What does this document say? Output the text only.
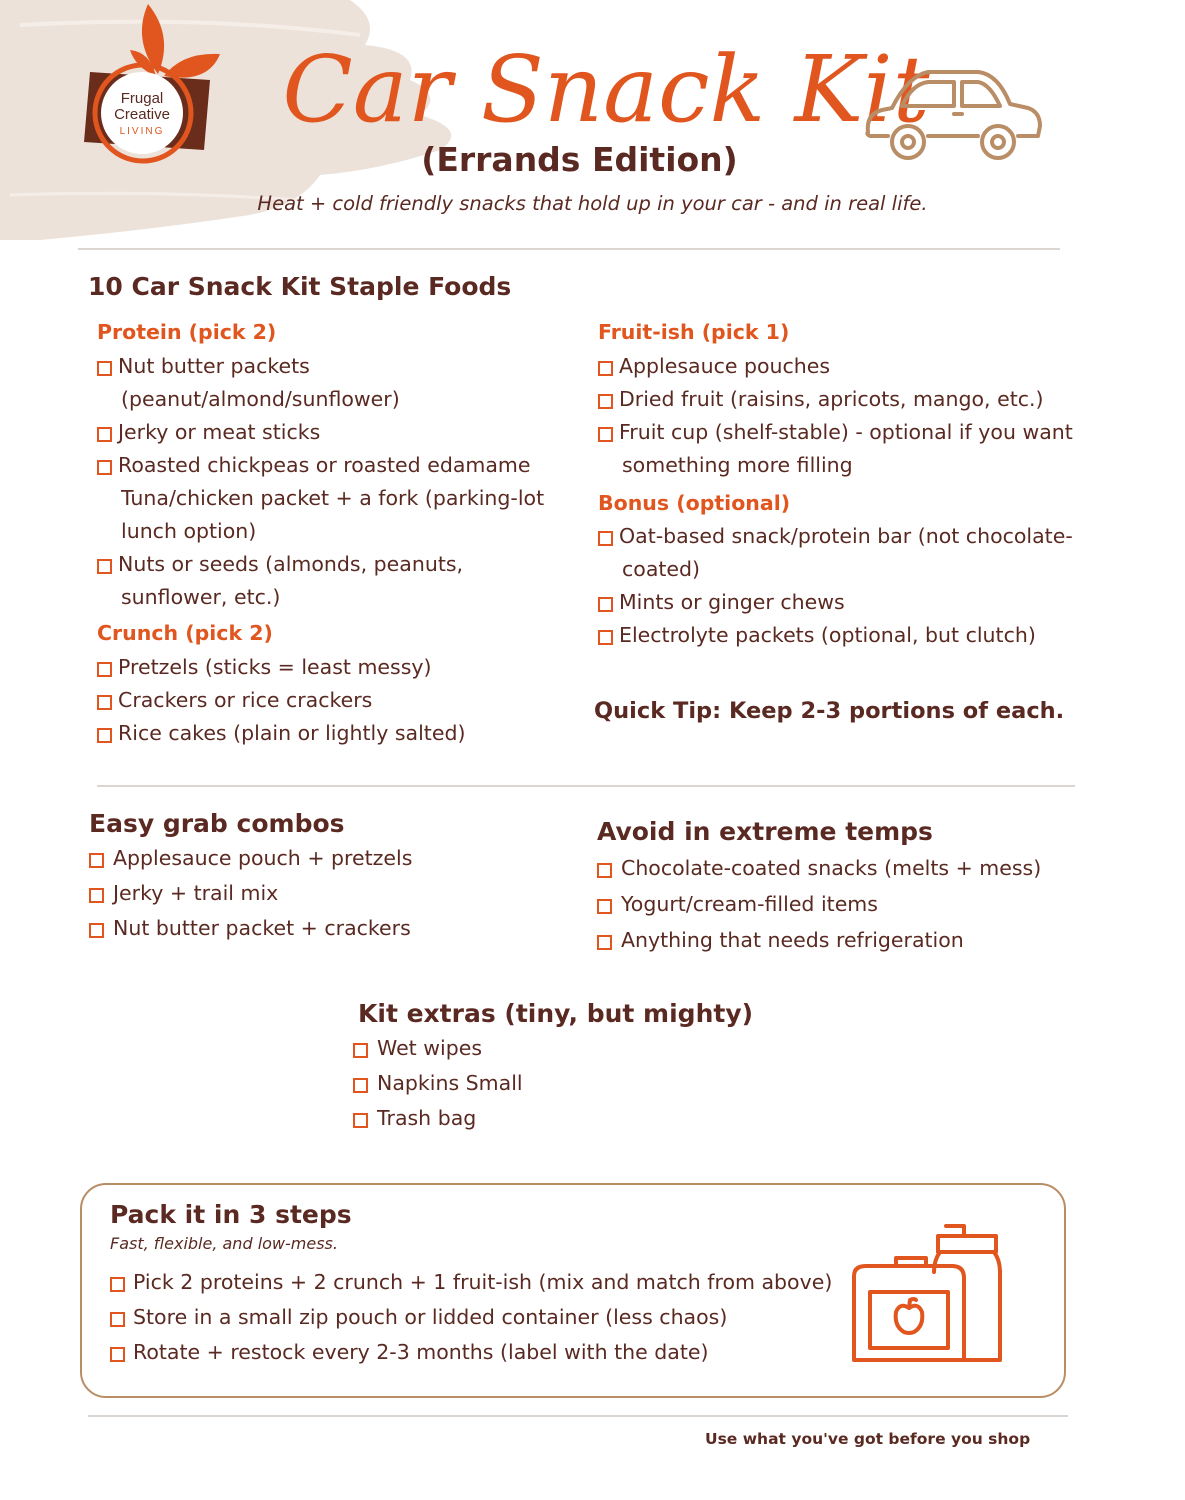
Frugal
Creative
LIVING Car Snack Kit
(Errands Edition)
Heat + cold friendly snacks that hold up in your car - and in real life.
10 Car Snack Kit Staple Foods
Protein (pick 2)
Nut butter packets
(peanut/almond/sunflower)
Jerky or meat sticks
Roasted chickpeas or roasted edamame
Tuna/chicken packet + a fork (parking-lot
lunch option)
Nuts or seeds (almonds, peanuts,
sunflower, etc.)
Crunch (pick 2)
Pretzels (sticks = least messy)
Crackers or rice crackers
Rice cakes (plain or lightly salted)
Fruit-ish (pick 1)
Applesauce pouches
Dried fruit (raisins, apricots, mango, etc.)
Fruit cup (shelf-stable) - optional if you want
something more filling
Bonus (optional)
Oat-based snack/protein bar (not chocolate-
coated)
Mints or ginger chews
Electrolyte packets (optional, but clutch)
Quick Tip: Keep 2-3 portions of each.
Easy grab combos
Applesauce pouch + pretzels
Jerky + trail mix
Nut butter packet + crackers
Avoid in extreme temps
Chocolate-coated snacks (melts + mess)
Yogurt/cream-filled items
Anything that needs refrigeration
Kit extras (tiny, but mighty)
Wet wipes
Napkins Small
Trash bag
Pack it in 3 steps
Fast, flexible, and low-mess.
Pick 2 proteins + 2 crunch + 1 fruit-ish (mix and match from above)
Store in a small zip pouch or lidded container (less chaos)
Rotate + restock every 2-3 months (label with the date)
Use what you've got before you shop
